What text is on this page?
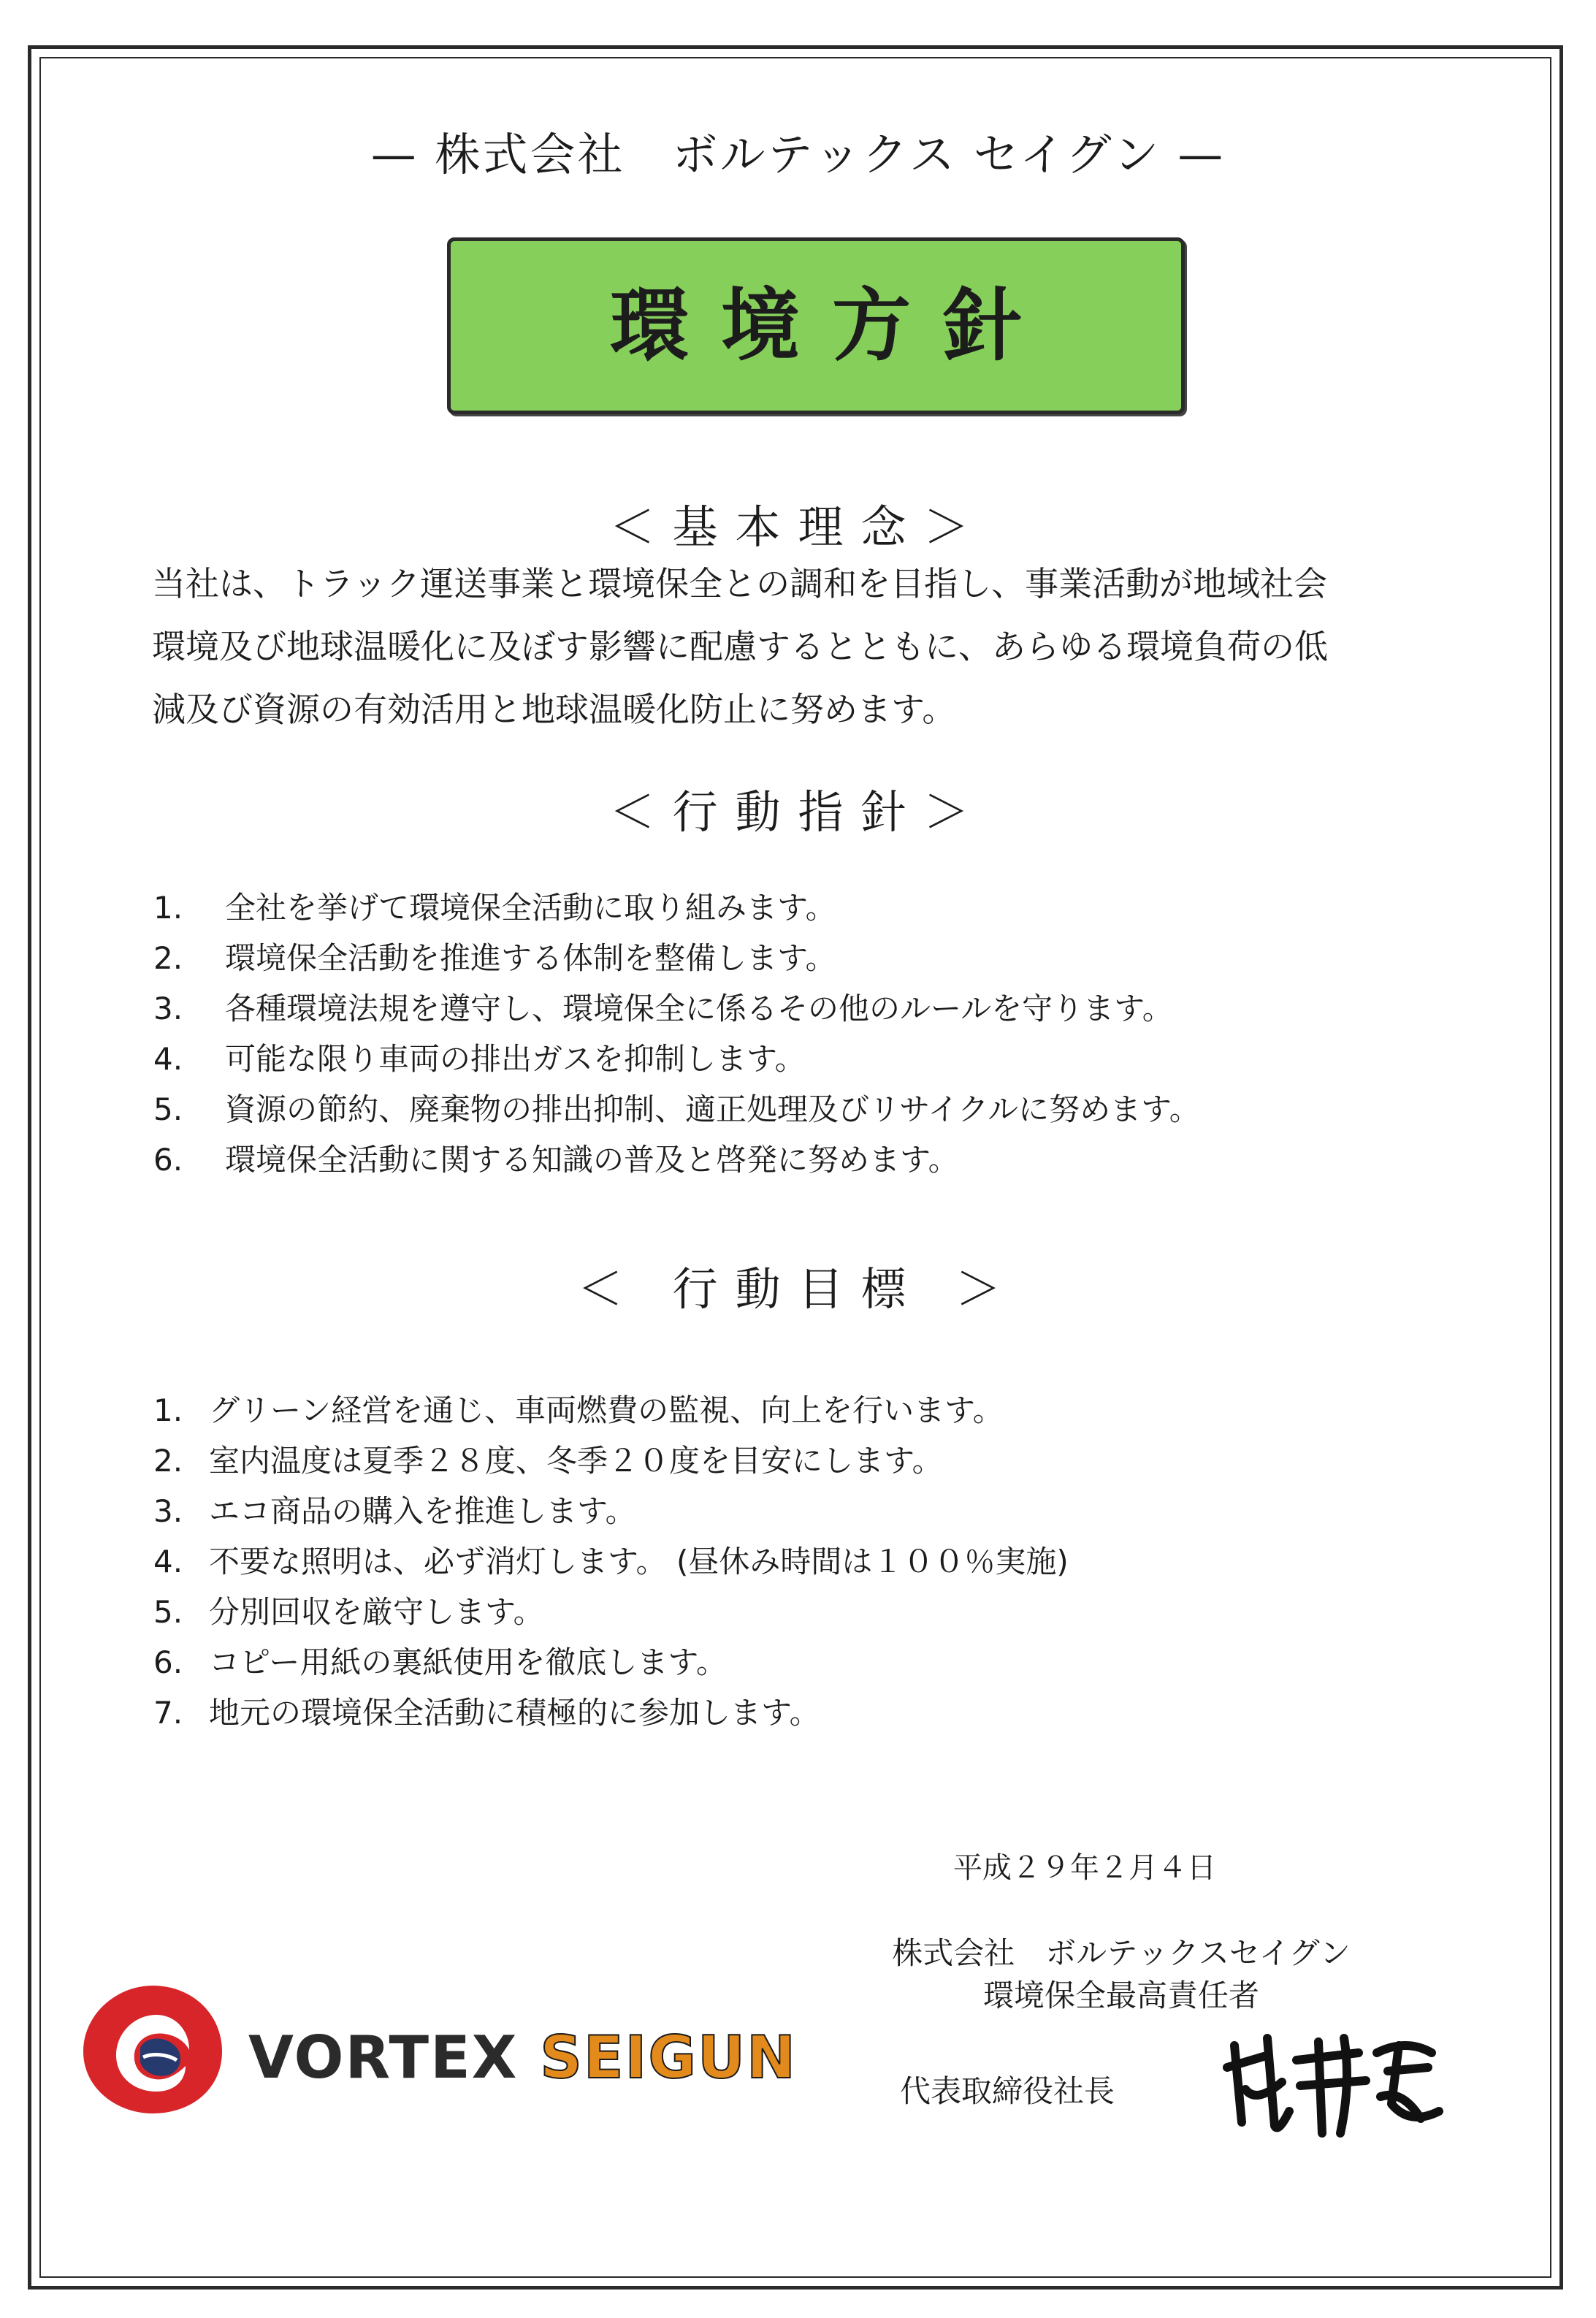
— 株式会社　ボルテックス セイグン —
環境方針
＜基本理念＞
当社は、トラック運送事業と環境保全との調和を目指し、事業活動が地域社会
環境及び地球温暖化に及ぼす影響に配慮するとともに、あらゆる環境負荷の低
減及び資源の有効活用と地球温暖化防止に努めます。
＜行動指針＞
1.	全社を挙げて環境保全活動に取り組みます。
2.	環境保全活動を推進する体制を整備します。
3.	各種環境法規を遵守し、環境保全に係るその他のルールを守ります。
4.	可能な限り車両の排出ガスを抑制します。
5.	資源の節約、廃棄物の排出抑制、適正処理及びリサイクルに努めます。
6.	環境保全活動に関する知識の普及と啓発に努めます。
＜ 行動目標 ＞
1. グリーン経営を通じ、車両燃費の監視、向上を行います。
2. 室内温度は夏季２８度、冬季２０度を目安にします。
3. エコ商品の購入を推進します。
4. 不要な照明は、必ず消灯します。 (昼休み時間は１００％実施)
5. 分別回収を厳守します。
6. コピー用紙の裏紙使用を徹底します。
7. 地元の環境保全活動に積極的に参加します。
平成２９年２月４日
株式会社　ボルテックスセイグン
環境保全最高責任者
代表取締役社長
VORTEX SEIGUN
